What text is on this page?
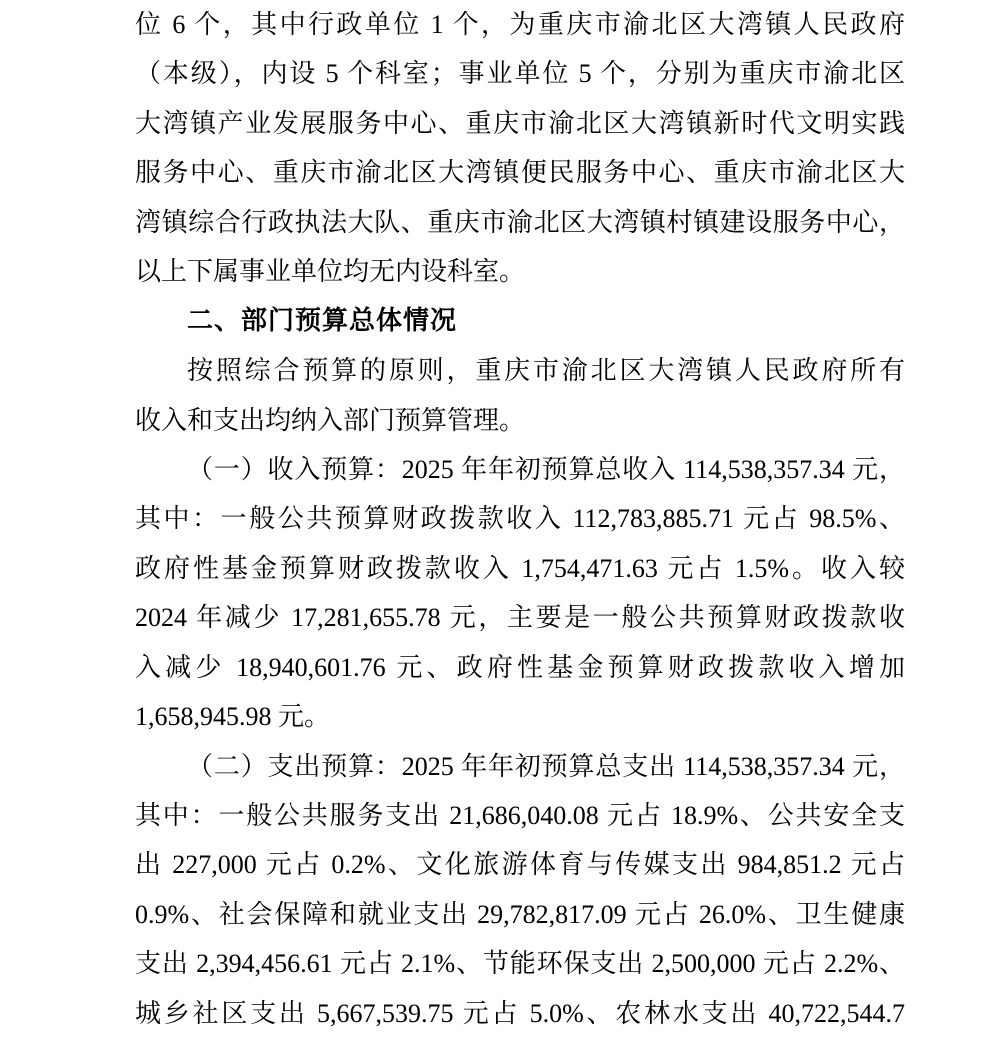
位 6 个，其中行政单位 1 个，为重庆市渝北区大湾镇人民政府
（本级），内设 5 个科室；事业单位 5 个，分别为重庆市渝北区
大湾镇产业发展服务中心、重庆市渝北区大湾镇新时代文明实践
服务中心、重庆市渝北区大湾镇便民服务中心、重庆市渝北区大
湾镇综合行政执法大队、重庆市渝北区大湾镇村镇建设服务中心，
以上下属事业单位均无内设科室。
二、部门预算总体情况
按照综合预算的原则，重庆市渝北区大湾镇人民政府所有
收入和支出均纳入部门预算管理。
（一）收入预算：2025 年年初预算总收入 114,538,357.34 元，
其中：一般公共预算财政拨款收入 112,783,885.71 元占 98.5%、
政府性基金预算财政拨款收入 1,754,471.63 元占 1.5%。收入较
2024 年减少 17,281,655.78 元，主要是一般公共预算财政拨款收
入减少 18,940,601.76 元、政府性基金预算财政拨款收入增加
1,658,945.98 元。
（二）支出预算：2025 年年初预算总支出 114,538,357.34 元，
其中：一般公共服务支出 21,686,040.08 元占 18.9%、公共安全支
出 227,000 元占 0.2%、文化旅游体育与传媒支出 984,851.2 元占
0.9%、社会保障和就业支出 29,782,817.09 元占 26.0%、卫生健康
支出 2,394,456.61 元占 2.1%、节能环保支出 2,500,000 元占 2.2%、
城乡社区支出 5,667,539.75 元占 5.0%、农林水支出 40,722,544.7
